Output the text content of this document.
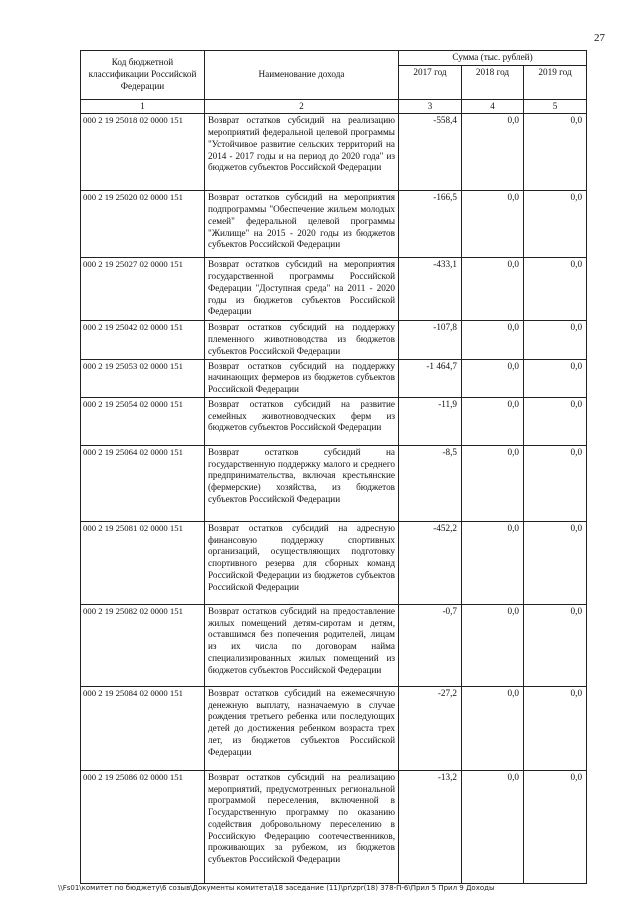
27
Код бюджетной классификации Российской Федерации	Наименование дохода	Сумма (тыс. рублей)		
		2017 год	2018 год	2019 год
1	2	3	4	5
000 2 19 25018 02 0000 151	Возврат остатков субсидий на реализацию мероприятий федеральной целевой программы "Устойчивое развитие сельских территорий на 2014 - 2017 годы и на период до 2020 года" из бюджетов субъектов Российской Федерации	-558,4	0,0	0,0
000 2 19 25020 02 0000 151	Возврат остатков субсидий на мероприятия подпрограммы "Обеспечение жильем молодых семей" федеральной целевой программы "Жилище" на 2015 - 2020 годы из бюджетов субъектов Российской Федерации	-166,5	0,0	0,0
000 2 19 25027 02 0000 151	Возврат остатков субсидий на мероприятия государственной программы Российской Федерации "Доступная среда" на 2011 - 2020 годы из бюджетов субъектов Российской Федерации	-433,1	0,0	0,0
000 2 19 25042 02 0000 151	Возврат остатков субсидий на поддержку племенного животноводства из бюджетов субъектов Российской Федерации	-107,8	0,0	0,0
000 2 19 25053 02 0000 151	Возврат остатков субсидий на поддержку начинающих фермеров из бюджетов субъектов Российской Федерации	-1 464,7	0,0	0,0
000 2 19 25054 02 0000 151	Возврат остатков субсидий на развитие семейных животноводческих ферм из бюджетов субъектов Российской Федерации	-11,9	0,0	0,0
000 2 19 25064 02 0000 151	Возврат остатков субсидий на государственную поддержку малого и среднего предпринимательства, включая крестьянские (фермерские) хозяйства, из бюджетов субъектов Российской Федерации	-8,5	0,0	0,0
000 2 19 25081 02 0000 151	Возврат остатков субсидий на адресную финансовую поддержку спортивных организаций, осуществляющих подготовку спортивного резерва для сборных команд Российской Федерации из бюджетов субъектов Российской Федерации	-452,2	0,0	0,0
000 2 19 25082 02 0000 151	Возврат остатков субсидий на предоставление жилых помещений детям-сиротам и детям, оставшимся без попечения родителей, лицам из их числа по договорам найма специализированных жилых помещений из бюджетов субъектов Российской Федерации	-0,7	0,0	0,0
000 2 19 25084 02 0000 151	Возврат остатков субсидий на ежемесячную денежную выплату, назначаемую в случае рождения третьего ребенка или последующих детей до достижения ребенком возраста трех лет, из бюджетов субъектов Российской Федерации	-27,2	0,0	0,0
000 2 19 25086 02 0000 151	Возврат остатков субсидий на реализацию мероприятий, предусмотренных региональной программой переселения, включенной в Государственную программу по оказанию содействия добровольному переселению в Российскую Федерацию соотечественников, проживающих за рубежом, из бюджетов субъектов Российской Федерации	-13,2	0,0	0,0
\\Fs01\комитет по бюджету\6 созыв\Документы комитета\18 заседание (11)\pr\zpr(18) 378-П-6\Прил 5 Прил 9 Доходы
